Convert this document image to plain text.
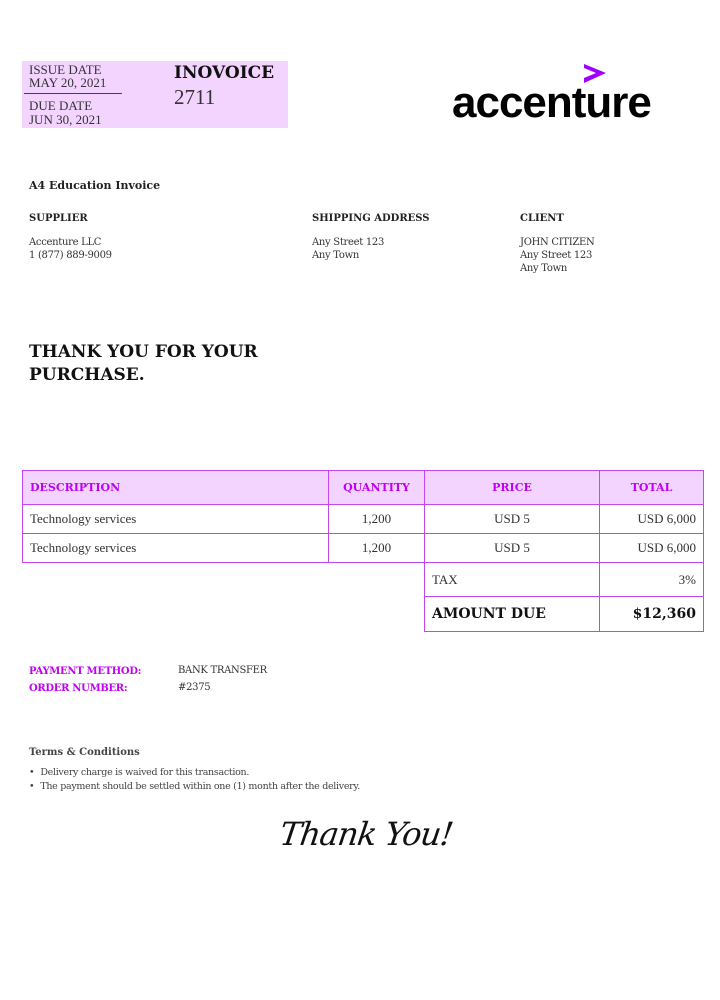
ISSUE DATE
MAY 20, 2021
DUE DATE
JUN 30, 2021
INOVOICE
2711	accenture
A4 Education Invoice
SUPPLIER
Accenture LLC
1 (877) 889-9009
SHIPPING ADDRESS
Any Street 123
Any Town
CLIENT
JOHN CITIZEN
Any Street 123
Any Town
THANK YOU FOR YOUR
PURCHASE.
DESCRIPTION	QUANTITY	PRICE	TOTAL
Technology services	1,200	USD 5	USD 6,000
Technology services	1,200	USD 5	USD 6,000
		TAX	3%
		AMOUNT DUE	$12,360
PAYMENT METHOD:	BANK TRANSFER
ORDER NUMBER:	#2375
Terms & Conditions
• Delivery charge is waived for this transaction.
• The payment should be settled within one (1) month after the delivery.
Thank You!
